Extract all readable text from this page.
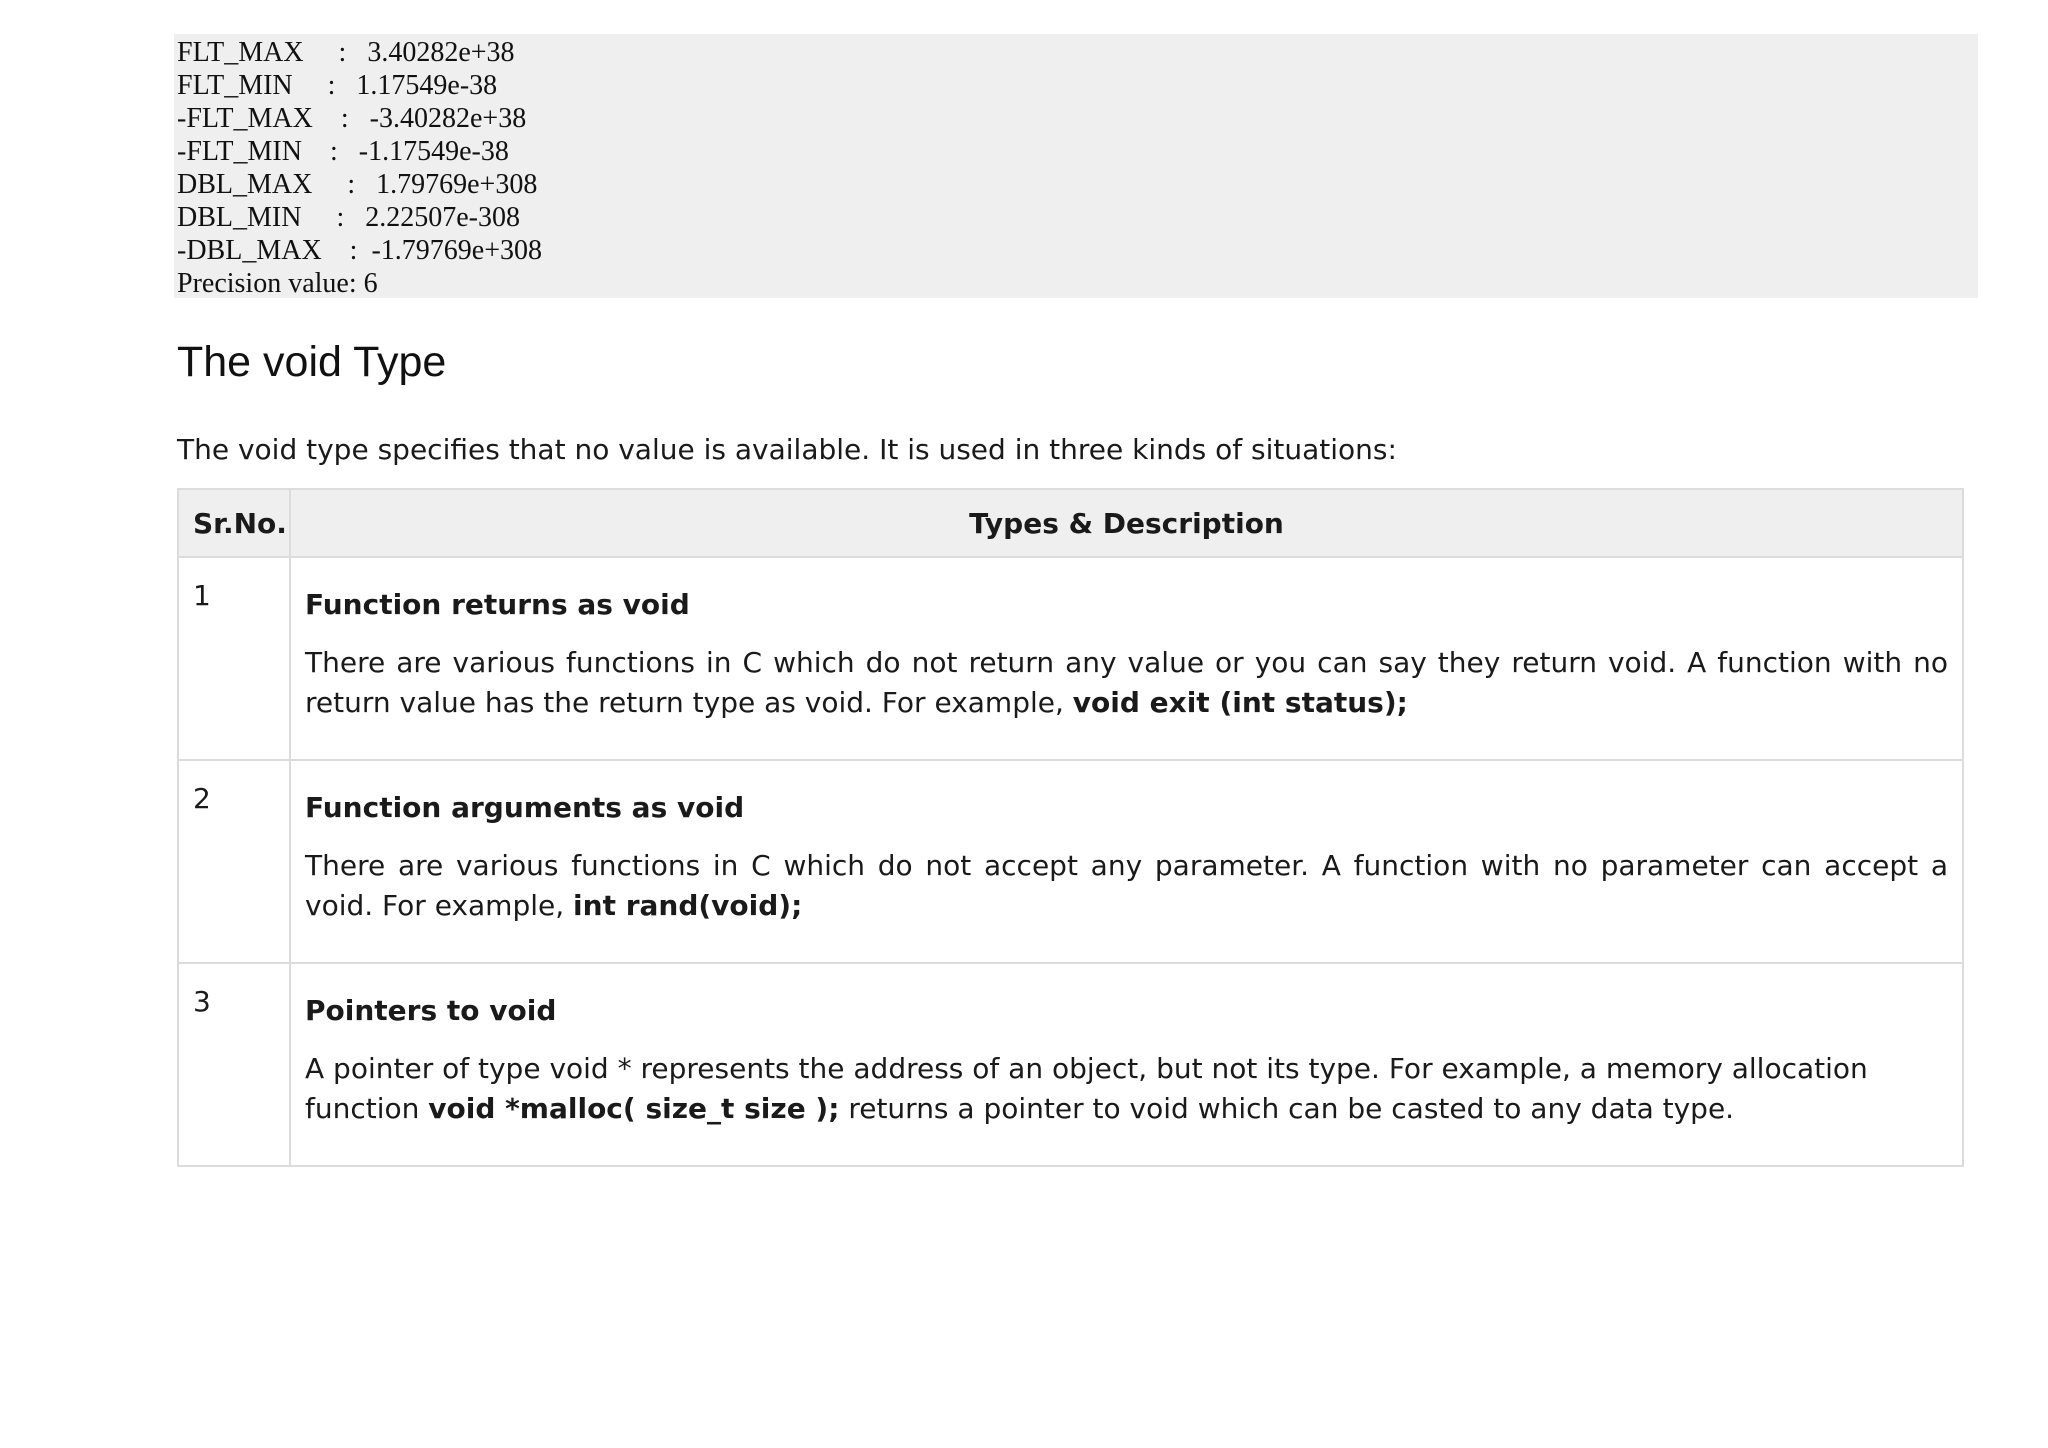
FLT_MAX     :   3.40282e+38
FLT_MIN     :   1.17549e-38
-FLT_MAX    :   -3.40282e+38
-FLT_MIN    :   -1.17549e-38
DBL_MAX     :   1.79769e+308
DBL_MIN     :   2.22507e-308
-DBL_MAX    :  -1.79769e+308
Precision value: 6
The void Type

The void type specifies that no value is available. It is used in three kinds of situations:

Sr.No.	Types & Description
1	Function returns as void

There are various functions in C which do not return any value or you can say they return void. A function with no return value has the return type as void. For example, void exit (int status);

2	Function arguments as void

There are various functions in C which do not accept any parameter. A function with no parameter can accept a void. For example, int rand(void);

3	Pointers to void

A pointer of type void * represents the address of an object, but not its type. For example, a memory allocation function void *malloc( size_t size ); returns a pointer to void which can be casted to any data type.
